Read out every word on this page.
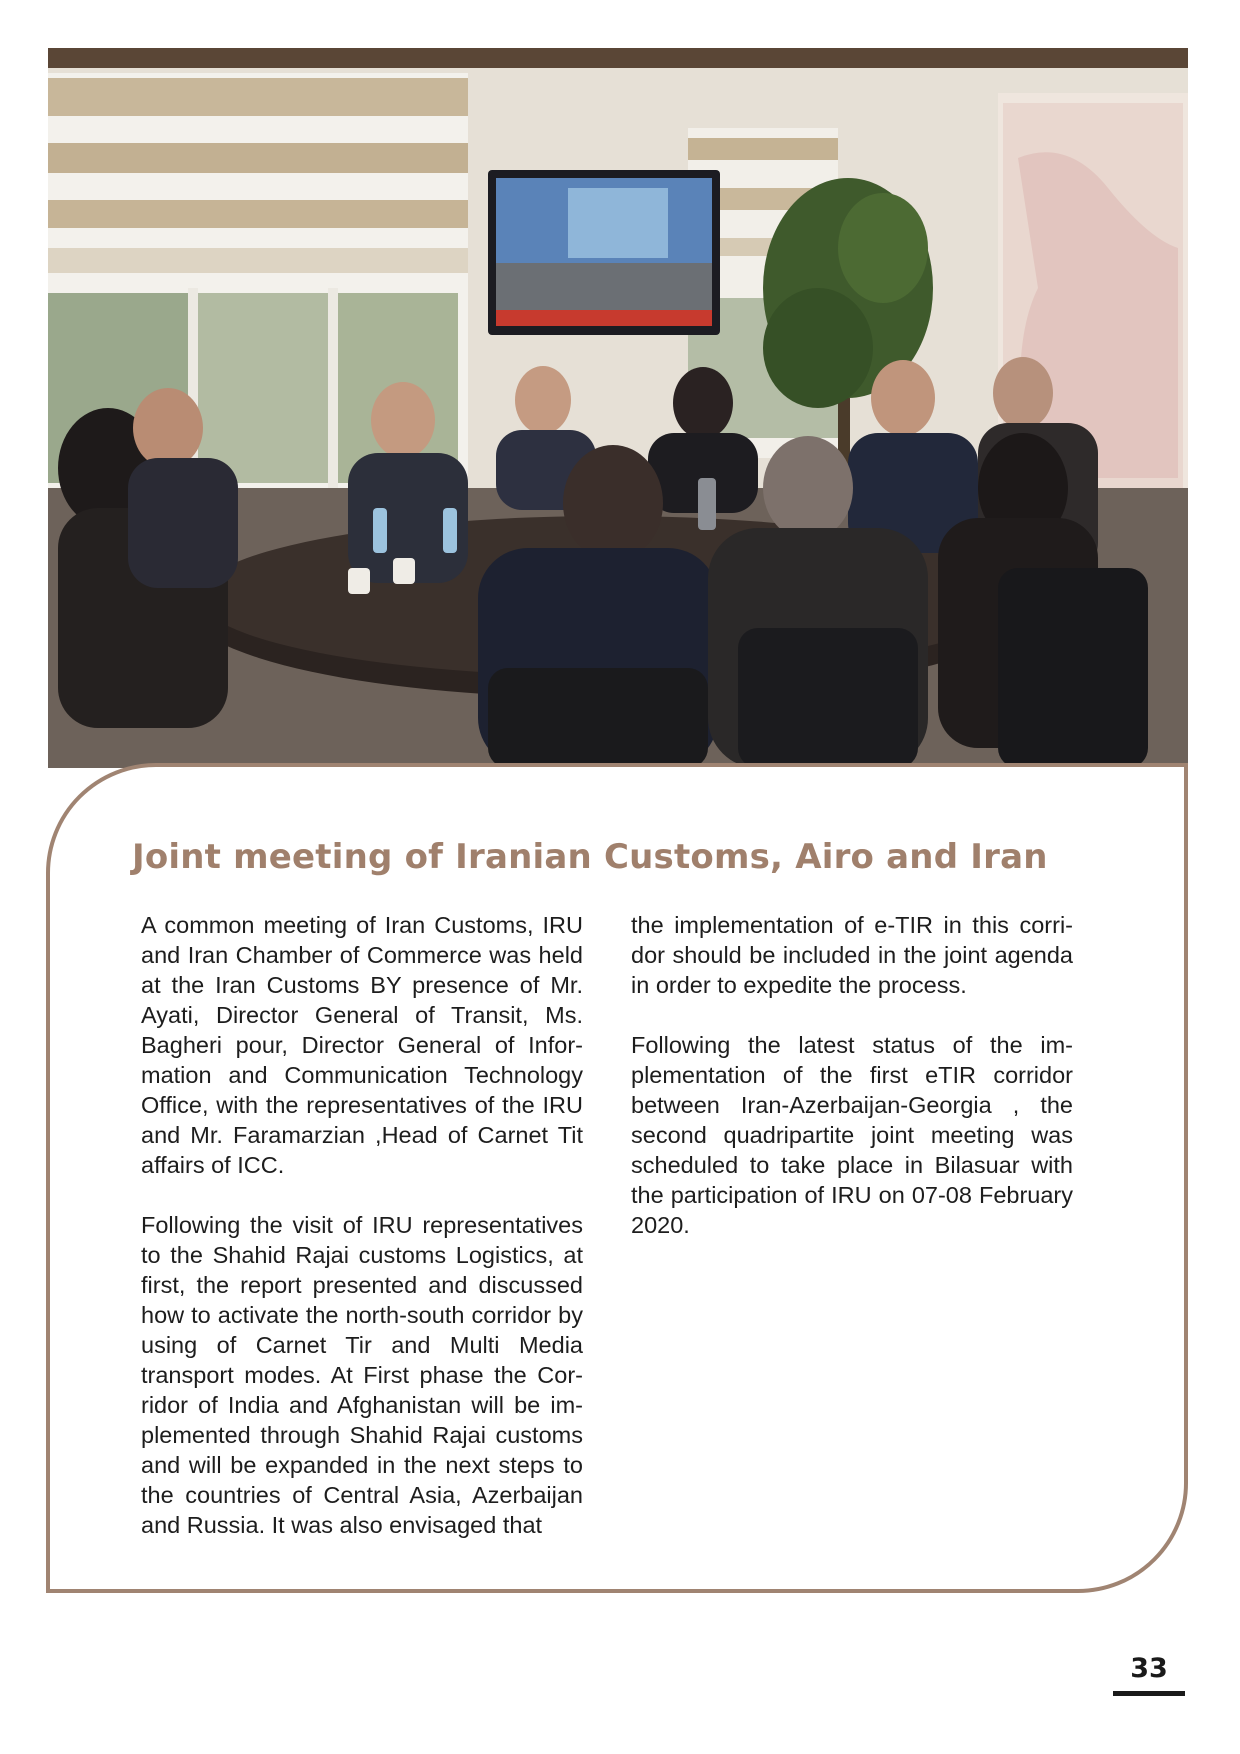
Joint meeting of Iranian Customs, Airo and Iran

A common meeting of Iran Customs, IRU and Iran Chamber of Commerce was held at the Iran Customs BY presence of Mr. Ayati, Director General of Transit, Ms. Bagheri pour, Director General of Information and Communication Technology Office, with the representatives of the IRU and Mr. Faramarzian ,Head of Carnet Tit affairs of ICC.

Following the visit of IRU representatives to the Shahid Rajai customs Logistics, at first, the report presented and discussed how to activate the north-south corridor by using of Carnet Tir and Multi Media transport modes. At First phase the Corridor of India and Afghanistan will be implemented through Shahid Rajai customs and will be expanded in the next steps to the countries of Central Asia, Azerbaijan and Russia. It was also envisaged that

the implementation of e-TIR in this corridor should be included in the joint agenda in order to expedite the process.

Following the latest status of the implementation of the first eTIR corridor between Iran-Azerbaijan-Georgia , the second quadripartite joint meeting was scheduled to take place in Bilasuar with the participation of IRU on 07-08 February 2020.

33
